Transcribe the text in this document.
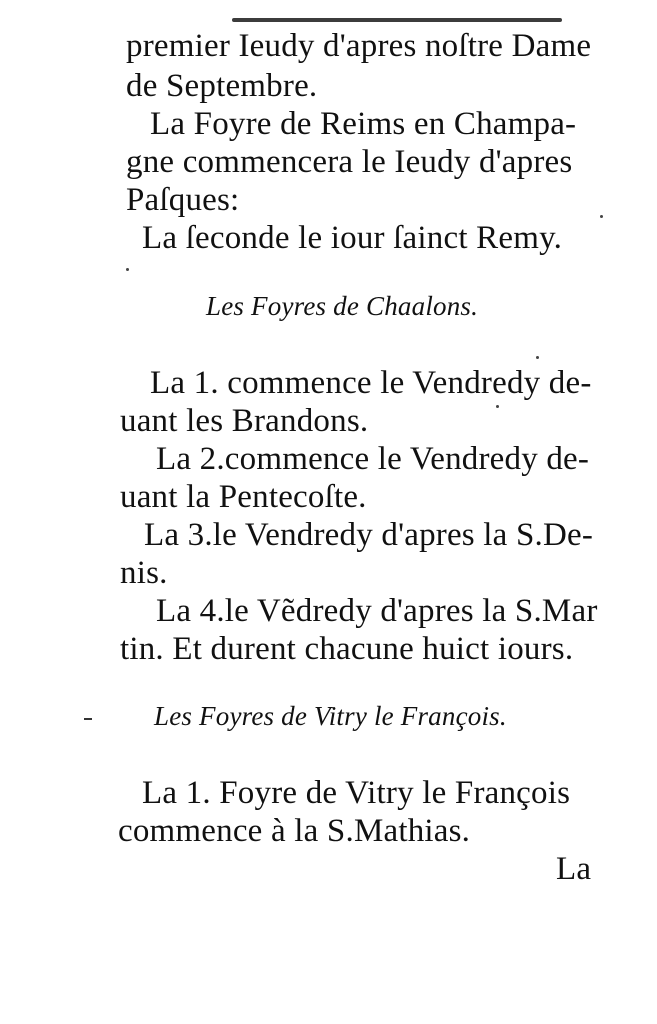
premier Ieudy d'apres noſtre Dame
de Septembre.
La Foyre de Reims en Champa-
gne commencera le Ieudy d'apres
Paſques:
La ſeconde le iour ſainct Remy.
Les Foyres de Chaalons.
La 1. commence le Vendredy de-
uant les Brandons.
La 2.commence le Vendredy de-
uant la Pentecoſte.
La 3.le Vendredy d'apres la S.De-
nis.
La 4.le Vẽdredy d'apres la S.Mar
tin. Et durent chacune huict iours.
Les Foyres de Vitry le François.
La 1. Foyre de Vitry le François
commence à la S.Mathias.
La
